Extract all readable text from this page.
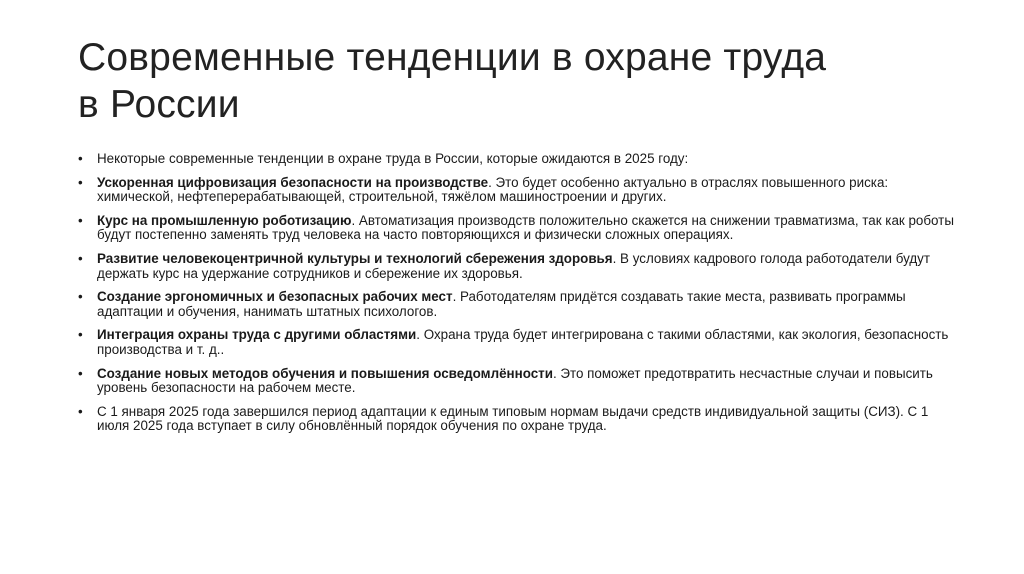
Современные тенденции в охране труда
в России
•	Некоторые современные тенденции в охране труда в России, которые ожидаются в 2025 году:
•	Ускоренная цифровизация безопасности на производстве. Это будет особенно актуально в отраслях повышенного риска: химической, нефтеперерабатывающей, строительной, тяжёлом машиностроении и других.
•	Курс на промышленную роботизацию. Автоматизация производств положительно скажется на снижении травматизма, так как роботы будут постепенно заменять труд человека на часто повторяющихся и физически сложных операциях.
•	Развитие человекоцентричной культуры и технологий сбережения здоровья. В условиях кадрового голода работодатели будут держать курс на удержание сотрудников и сбережение их здоровья.
•	Создание эргономичных и безопасных рабочих мест. Работодателям придётся создавать такие места, развивать программы адаптации и обучения, нанимать штатных психологов.
•	Интеграция охраны труда с другими областями. Охрана труда будет интегрирована с такими областями, как экология, безопасность производства и т. д..
•	Создание новых методов обучения и повышения осведомлённости. Это поможет предотвратить несчастные случаи и повысить уровень безопасности на рабочем месте.
•	С 1 января 2025 года завершился период адаптации к единым типовым нормам выдачи средств индивидуальной защиты (СИЗ). С 1 июля 2025 года вступает в силу обновлённый порядок обучения по охране труда.
